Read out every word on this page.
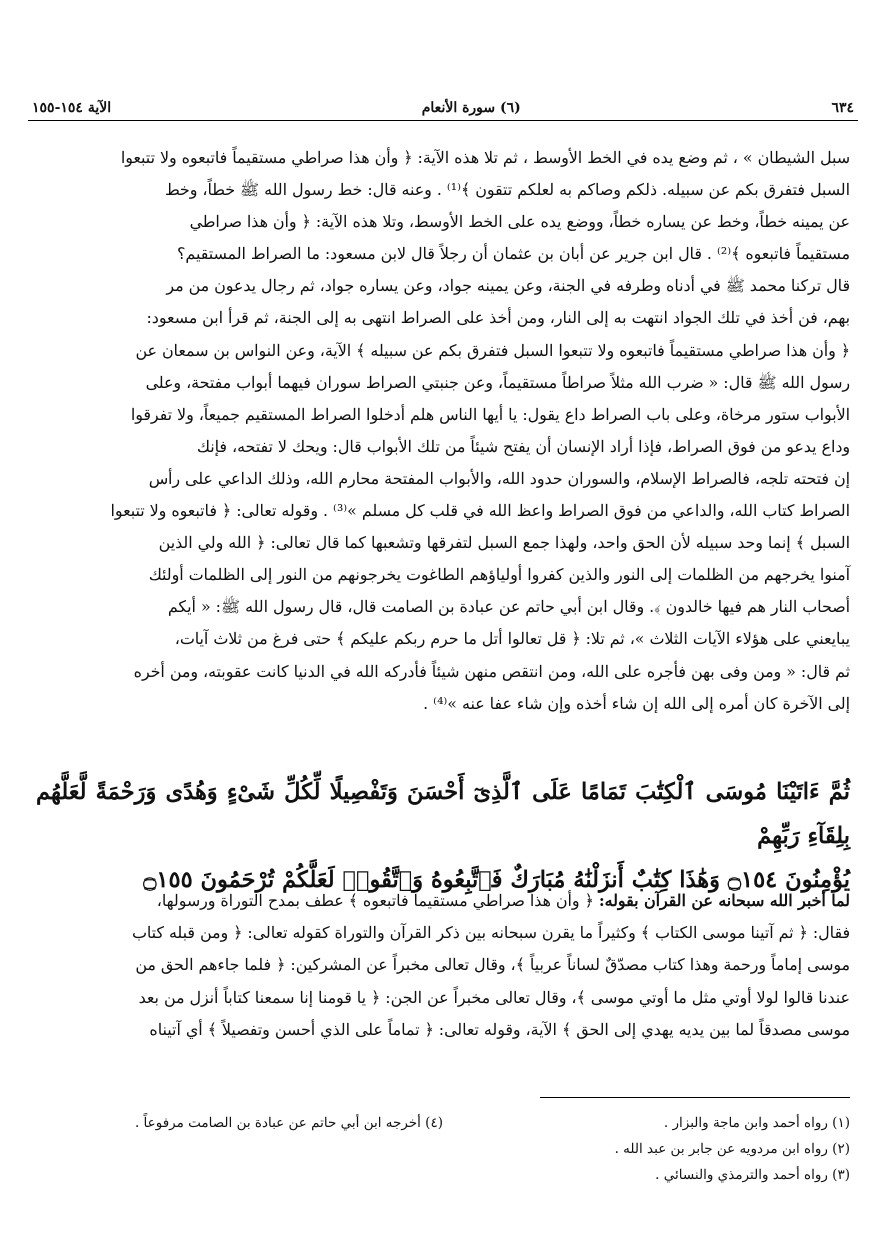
٦٣٤
(٦) سورة الأنعام
الآية ١٥٤-١٥٥

سبل الشيطان » ، ثم وضع يده في الخط الأوسط ، ثم تلا هذه الآية: ﴿ وأن هذا صراطي مستقيماً فاتبعوه ولا تتبعوا

السبل فتفرق بكم عن سبيله. ذلكم وصاكم به لعلكم تتقون ﴾⁽¹⁾ . وعنه قال: خط رسول الله ﷺ خطاً، وخط

عن يمينه خطاً، وخط عن يساره خطاً، ووضع يده على الخط الأوسط، وتلا هذه الآية: ﴿ وأن هذا صراطي

مستقيماً فاتبعوه ﴾⁽²⁾ . قال ابن جرير عن أبان بن عثمان أن رجلاً قال لابن مسعود: ما الصراط المستقيم؟

قال تركنا محمد ﷺ في أدناه وطرفه في الجنة، وعن يمينه جواد، وعن يساره جواد، ثم رجال يدعون من مر

بهم، فن أخذ في تلك الجواد انتهت به إلى النار، ومن أخذ على الصراط انتهى به إلى الجنة، ثم قرأ ابن مسعود:

﴿ وأن هذا صراطي مستقيماً فاتبعوه ولا تتبعوا السبل فتفرق بكم عن سبيله ﴾ الآية، وعن النواس بن سمعان عن

رسول الله ﷺ قال: « ضرب الله مثلاً صراطاً مستقيماً، وعن جنبتي الصراط سوران فيهما أبواب مفتحة، وعلى

الأبواب ستور مرخاة، وعلى باب الصراط داع يقول: يا أيها الناس هلم أدخلوا الصراط المستقيم جميعاً، ولا تفرقوا

وداع يدعو من فوق الصراط، فإذا أراد الإنسان أن يفتح شيئاً من تلك الأبواب قال: ويحك لا تفتحه، فإنك

إن فتحته تلجه، فالصراط الإسلام، والسوران حدود الله، والأبواب المفتحة محارم الله، وذلك الداعي على رأس

الصراط كتاب الله، والداعي من فوق الصراط واعظ الله في قلب كل مسلم »⁽³⁾ . وقوله تعالى: ﴿ فاتبعوه ولا تتبعوا

السبل ﴾ إنما وحد سبيله لأن الحق واحد، ولهذا جمع السبل لتفرقها وتشعبها كما قال تعالى: ﴿ الله ولي الذين

آمنوا يخرجهم من الظلمات إلى النور والذين كفروا أولياؤهم الطاغوت يخرجونهم من النور إلى الظلمات أولئك

أصحاب النار هم فيها خالدون ﴾. وقال ابن أبي حاتم عن عبادة بن الصامت قال، قال رسول الله ﷺ: « أيكم

يبايعني على هؤلاء الآيات الثلاث »، ثم تلا: ﴿ قل تعالوا أتل ما حرم ربكم عليكم ﴾ حتى فرغ من ثلاث آيات،

ثم قال: « ومن وفى بهن فأجره على الله، ومن انتقص منهن شيئاً فأدركه الله في الدنيا كانت عقوبته، ومن أخره

إلى الآخرة كان أمره إلى الله إن شاء أخذه وإن شاء عفا عنه »⁽⁴⁾ .

ثُمَّ ءَاتَيْنَا مُوسَى ٱلْكِتَٰبَ تَمَامًا عَلَى ٱلَّذِىٓ أَحْسَنَ وَتَفْصِيلًا لِّكُلِّ شَىْءٍ وَهُدًى وَرَحْمَةً لَّعَلَّهُم بِلِقَآءِ رَبِّهِمْ

يُؤْمِنُونَ ۝١٥٤ وَهَٰذَا كِتَٰبٌ أَنزَلْنَٰهُ مُبَارَكٌ فَٱتَّبِعُوهُ وَٱتَّقُوا۟ لَعَلَّكُمْ تُرْحَمُونَ ۝١٥٥

لما أخبر الله سبحانه عن القرآن بقوله: ﴿ وأن هذا صراطي مستقيماً فاتبعوه ﴾ عطف بمدح التوراة ورسولها،

فقال: ﴿ ثم آتينا موسى الكتاب ﴾ وكثيراً ما يقرن سبحانه بين ذكر القرآن والتوراة كقوله تعالى: ﴿ ومن قبله كتاب

موسى إماماً ورحمة وهذا كتاب مصدّقٌ لساناً عربياً ﴾، وقال تعالى مخبراً عن المشركين: ﴿ فلما جاءهم الحق من

عندنا قالوا لولا أوتي مثل ما أوتي موسى ﴾، وقال تعالى مخبراً عن الجن: ﴿ يا قومنا إنا سمعنا كتاباً أنزل من بعد

موسى مصدقاً لما بين يديه يهدي إلى الحق ﴾ الآية، وقوله تعالى: ﴿ تماماً على الذي أحسن وتفصيلاً ﴾ أي آتيناه

(١) رواه أحمد وابن ماجة والبزار .

(٤) أخرجه ابن أبي حاتم عن عبادة بن الصامت مرفوعاً .

(٢) رواه ابن مردويه عن جابر بن عبد الله .

(٣) رواه أحمد والترمذي والنسائي .
